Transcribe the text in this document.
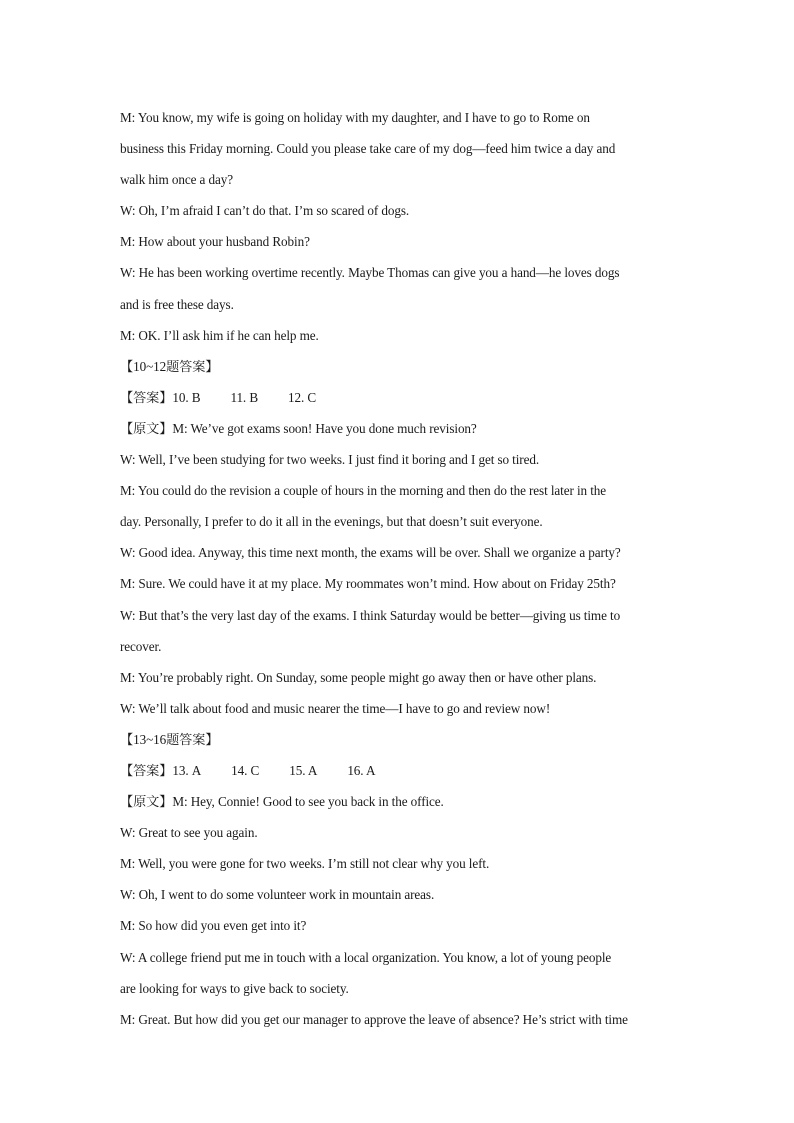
M: You know, my wife is going on holiday with my daughter, and I have to go to Rome on
business this Friday morning. Could you please take care of my dog—feed him twice a day and
walk him once a day?
W: Oh, I’m afraid I can’t do that. I’m so scared of dogs.
M: How about your husband Robin?
W: He has been working overtime recently. Maybe Thomas can give you a hand—he loves dogs
and is free these days.
M: OK. I’ll ask him if he can help me.
【10~12题答案】
【答案】10. B 11. B 12. C
【原文】M: We’ve got exams soon! Have you done much revision?
W: Well, I’ve been studying for two weeks. I just find it boring and I get so tired.
M: You could do the revision a couple of hours in the morning and then do the rest later in the
day. Personally, I prefer to do it all in the evenings, but that doesn’t suit everyone.
W: Good idea. Anyway, this time next month, the exams will be over. Shall we organize a party?
M: Sure. We could have it at my place. My roommates won’t mind. How about on Friday 25th?
W: But that’s the very last day of the exams. I think Saturday would be better—giving us time to
recover.
M: You’re probably right. On Sunday, some people might go away then or have other plans.
W: We’ll talk about food and music nearer the time—I have to go and review now!
【13~16题答案】
【答案】13. A 14. C 15. A 16. A
【原文】M: Hey, Connie! Good to see you back in the office.
W: Great to see you again.
M: Well, you were gone for two weeks. I’m still not clear why you left.
W: Oh, I went to do some volunteer work in mountain areas.
M: So how did you even get into it?
W: A college friend put me in touch with a local organization. You know, a lot of young people
are looking for ways to give back to society.
M: Great. But how did you get our manager to approve the leave of absence? He’s strict with time
